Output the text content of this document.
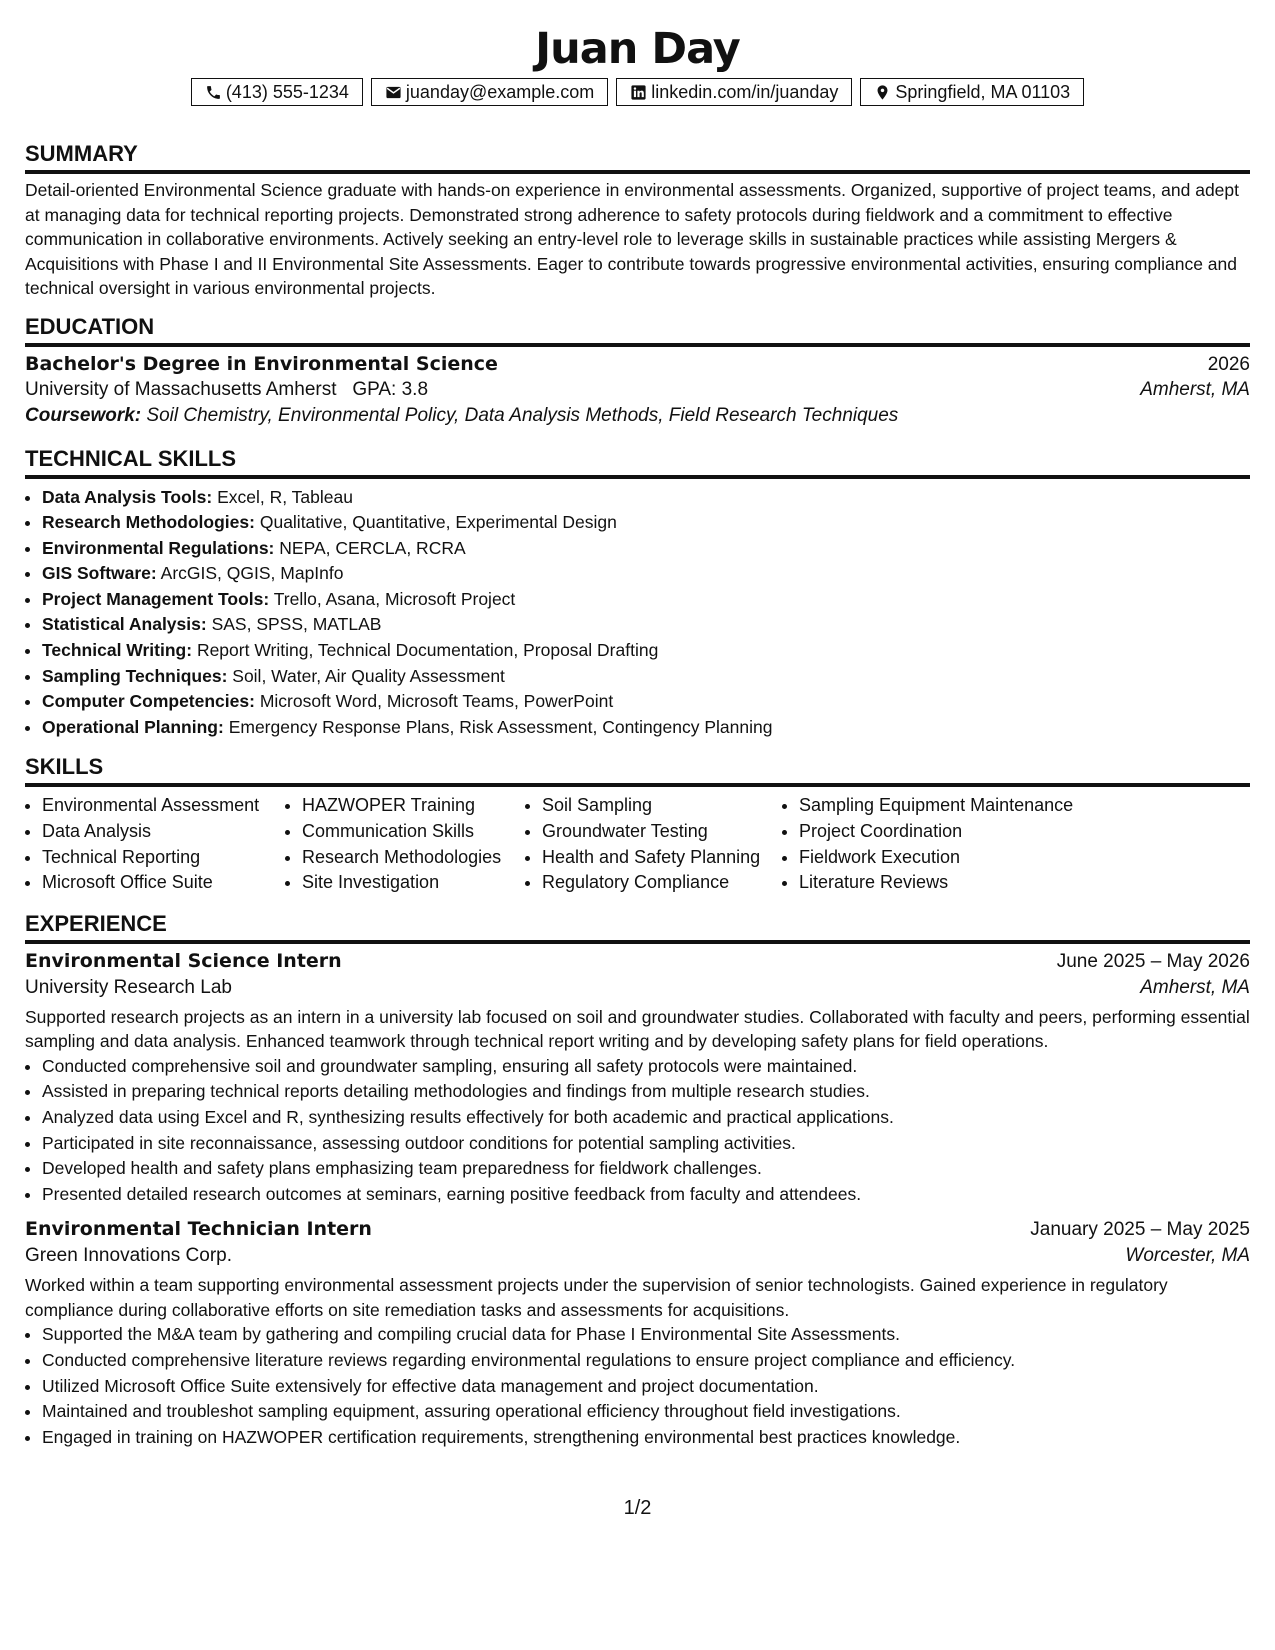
Juan Day
(413) 555-1234	juanday@example.com	linkedin.com/in/juanday	Springfield, MA 01103
SUMMARY

Detail-oriented Environmental Science graduate with hands-on experience in environmental assessments. Organized, supportive of project teams, and adept at managing data for technical reporting projects. Demonstrated strong adherence to safety protocols during fieldwork and a commitment to effective communication in collaborative environments. Actively seeking an entry-level role to leverage skills in sustainable practices while assisting Mergers & Acquisitions with Phase I and II Environmental Site Assessments. Eager to contribute towards progressive environmental activities, ensuring compliance and technical oversight in various environmental projects.

EDUCATION
Bachelor's Degree in Environmental Science	2026
University of Massachusetts Amherst GPA: 3.8	Amherst, MA
Coursework: Soil Chemistry, Environmental Policy, Data Analysis Methods, Field Research Techniques
TECHNICAL SKILLS
• Data Analysis Tools: Excel, R, Tableau
• Research Methodologies: Qualitative, Quantitative, Experimental Design
• Environmental Regulations: NEPA, CERCLA, RCRA
• GIS Software: ArcGIS, QGIS, MapInfo
• Project Management Tools: Trello, Asana, Microsoft Project
• Statistical Analysis: SAS, SPSS, MATLAB
• Technical Writing: Report Writing, Technical Documentation, Proposal Drafting
• Sampling Techniques: Soil, Water, Air Quality Assessment
• Computer Competencies: Microsoft Word, Microsoft Teams, PowerPoint
• Operational Planning: Emergency Response Plans, Risk Assessment, Contingency Planning
SKILLS
• Environmental Assessment
• Data Analysis
• Technical Reporting
• Microsoft Office Suite
• HAZWOPER Training
• Communication Skills
• Research Methodologies
• Site Investigation
• Soil Sampling
• Groundwater Testing
• Health and Safety Planning
• Regulatory Compliance
• Sampling Equipment Maintenance
• Project Coordination
• Fieldwork Execution
• Literature Reviews
EXPERIENCE
Environmental Science Intern	June 2025 – May 2026
University Research Lab	Amherst, MA

Supported research projects as an intern in a university lab focused on soil and groundwater studies. Collaborated with faculty and peers, performing essential sampling and data analysis. Enhanced teamwork through technical report writing and by developing safety plans for field operations.

• Conducted comprehensive soil and groundwater sampling, ensuring all safety protocols were maintained.
• Assisted in preparing technical reports detailing methodologies and findings from multiple research studies.
• Analyzed data using Excel and R, synthesizing results effectively for both academic and practical applications.
• Participated in site reconnaissance, assessing outdoor conditions for potential sampling activities.
• Developed health and safety plans emphasizing team preparedness for fieldwork challenges.
• Presented detailed research outcomes at seminars, earning positive feedback from faculty and attendees.
Environmental Technician Intern	January 2025 – May 2025
Green Innovations Corp.	Worcester, MA

Worked within a team supporting environmental assessment projects under the supervision of senior technologists. Gained experience in regulatory compliance during collaborative efforts on site remediation tasks and assessments for acquisitions.

• Supported the M&A team by gathering and compiling crucial data for Phase I Environmental Site Assessments.
• Conducted comprehensive literature reviews regarding environmental regulations to ensure project compliance and efficiency.
• Utilized Microsoft Office Suite extensively for effective data management and project documentation.
• Maintained and troubleshot sampling equipment, assuring operational efficiency throughout field investigations.
• Engaged in training on HAZWOPER certification requirements, strengthening environmental best practices knowledge.
1/2
